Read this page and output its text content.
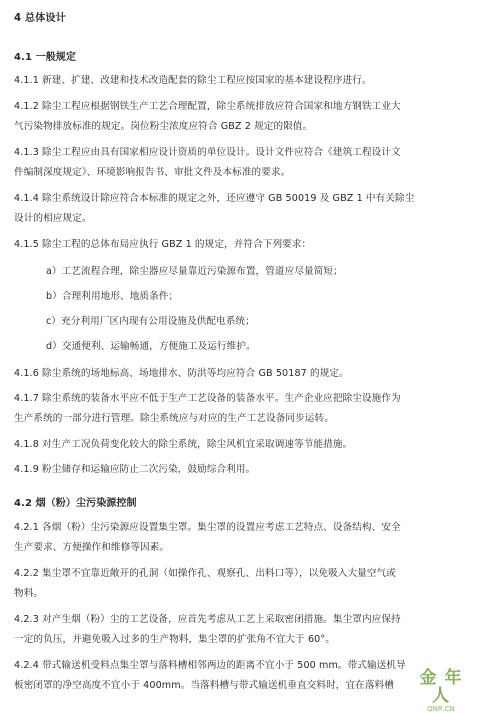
4 总体设计
4.1 一般规定
4.1.1 新建、扩建、改建和技术改造配套的除尘工程应按国家的基本建设程序进行。
4.1.2 除尘工程应根据钢铁生产工艺合理配置，除尘系统排放应符合国家和地方钢铁工业大
气污染物排放标准的规定。岗位粉尘浓度应符合 GBZ 2 规定的限值。
4.1.3 除尘工程应由具有国家相应设计资质的单位设计。设计文件应符合《建筑工程设计文
件编制深度规定》、环境影响报告书、审批文件及本标准的要求。
4.1.4 除尘系统设计除应符合本标准的规定之外，还应遵守 GB 50019 及 GBZ 1 中有关除尘
设计的相应规定。
4.1.5 除尘工程的总体布局应执行 GBZ 1 的规定，并符合下列要求：
a）工艺流程合理，除尘器应尽量靠近污染源布置，管道应尽量简短；
b）合理利用地形、地质条件；
c）充分利用厂区内现有公用设施及供配电系统；
d）交通便利、运输畅通，方便施工及运行维护。
4.1.6 除尘系统的场地标高、场地排水、防洪等均应符合 GB 50187 的规定。
4.1.7 除尘系统的装备水平应不低于生产工艺设备的装备水平。生产企业应把除尘设施作为
生产系统的一部分进行管理。除尘系统应与对应的生产工艺设备同步运转。
4.1.8 对生产工况负荷变化较大的除尘系统，除尘风机宜采取调速等节能措施。
4.1.9 粉尘储存和运输应防止二次污染，鼓励综合利用。
4.2 烟（粉）尘污染源控制
4.2.1 各烟（粉）尘污染源应设置集尘罩。集尘罩的设置应考虑工艺特点、设备结构、安全
生产要求、方便操作和维修等因素。
4.2.2 集尘罩不宜靠近敞开的孔洞（如操作孔、观察孔、出料口等），以免吸入大量空气或
物料。
4.2.3 对产生烟（粉）尘的工艺设备，应首先考虑从工艺上采取密闭措施。集尘罩内应保持
一定的负压，并避免吸入过多的生产物料，集尘罩的扩张角不宜大于 60°。
4.2.4 带式输送机受料点集尘罩与落料槽相邻两边的距离不宜小于 500 mm。带式输送机导
板密闭罩的净空高度不宜小于 400mm。当落料槽与带式输送机垂直交料时，宜在落料槽	金 年 人
QNR.CN
